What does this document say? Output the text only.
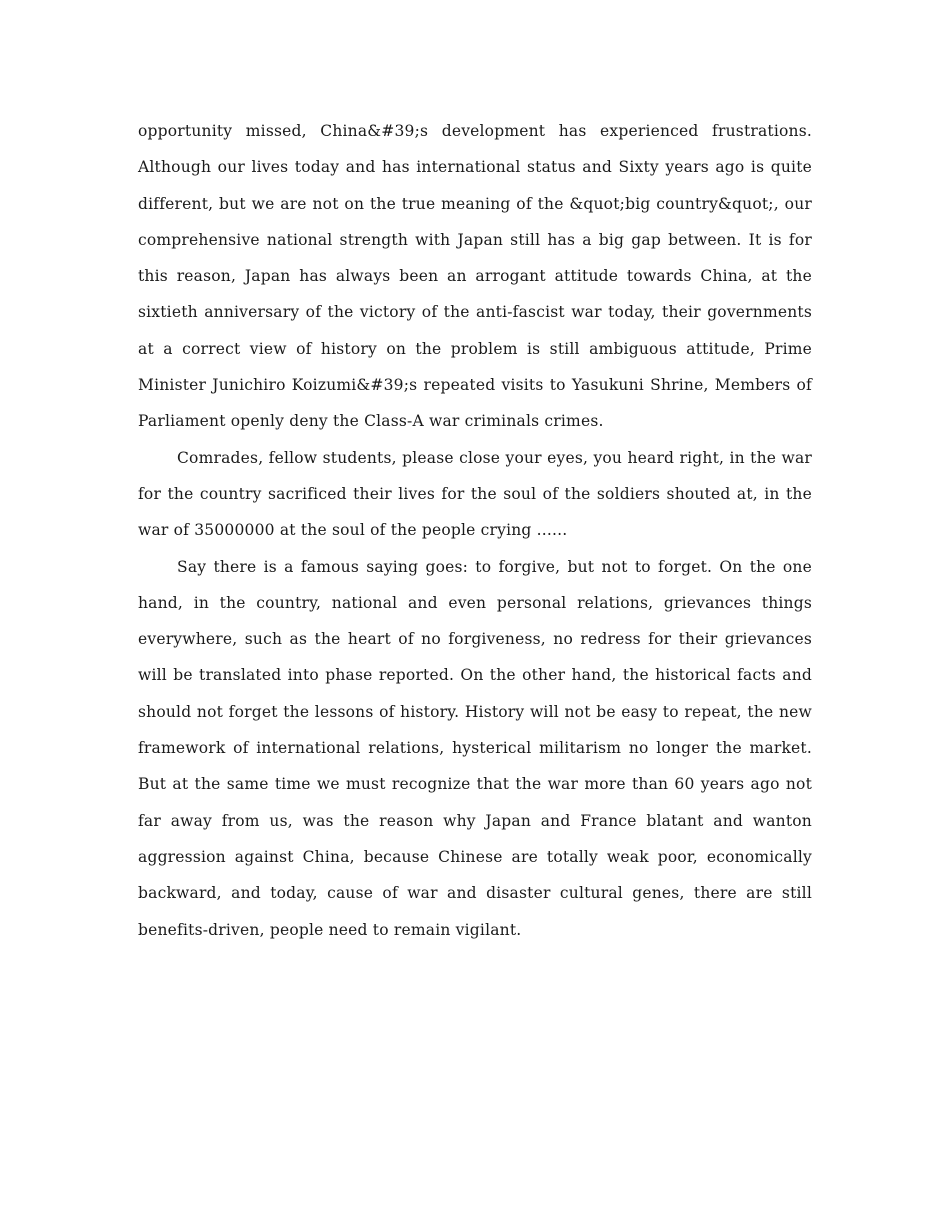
opportunity missed, China&#39;s development has experienced frustrations. Although our lives today and has international status and Sixty years ago is quite different, but we are not on the true meaning of the &quot;big country&quot;, our comprehensive national strength with Japan still has a big gap between. It is for this reason, Japan has always been an arrogant attitude towards China, at the sixtieth anniversary of the victory of the anti-fascist war today, their governments at a correct view of history on the problem is still ambiguous attitude, Prime Minister Junichiro Koizumi&#39;s repeated visits to Yasukuni Shrine, Members of Parliament openly deny the Class-A war criminals crimes.

Comrades, fellow students, please close your eyes, you heard right, in the war for the country sacrificed their lives for the soul of the soldiers shouted at, in the war of 35000000 at the soul of the people crying ......

Say there is a famous saying goes: to forgive, but not to forget. On the one hand, in the country, national and even personal relations, grievances things everywhere, such as the heart of no forgiveness, no redress for their grievances will be translated into phase reported. On the other hand, the historical facts and should not forget the lessons of history. History will not be easy to repeat, the new framework of international relations, hysterical militarism no longer the market. But at the same time we must recognize that the war more than 60 years ago not far away from us, was the reason why Japan and France blatant and wanton aggression against China, because Chinese are totally weak poor, economically backward, and today, cause of war and disaster cultural genes, there are still benefits-driven, people need to remain vigilant.
